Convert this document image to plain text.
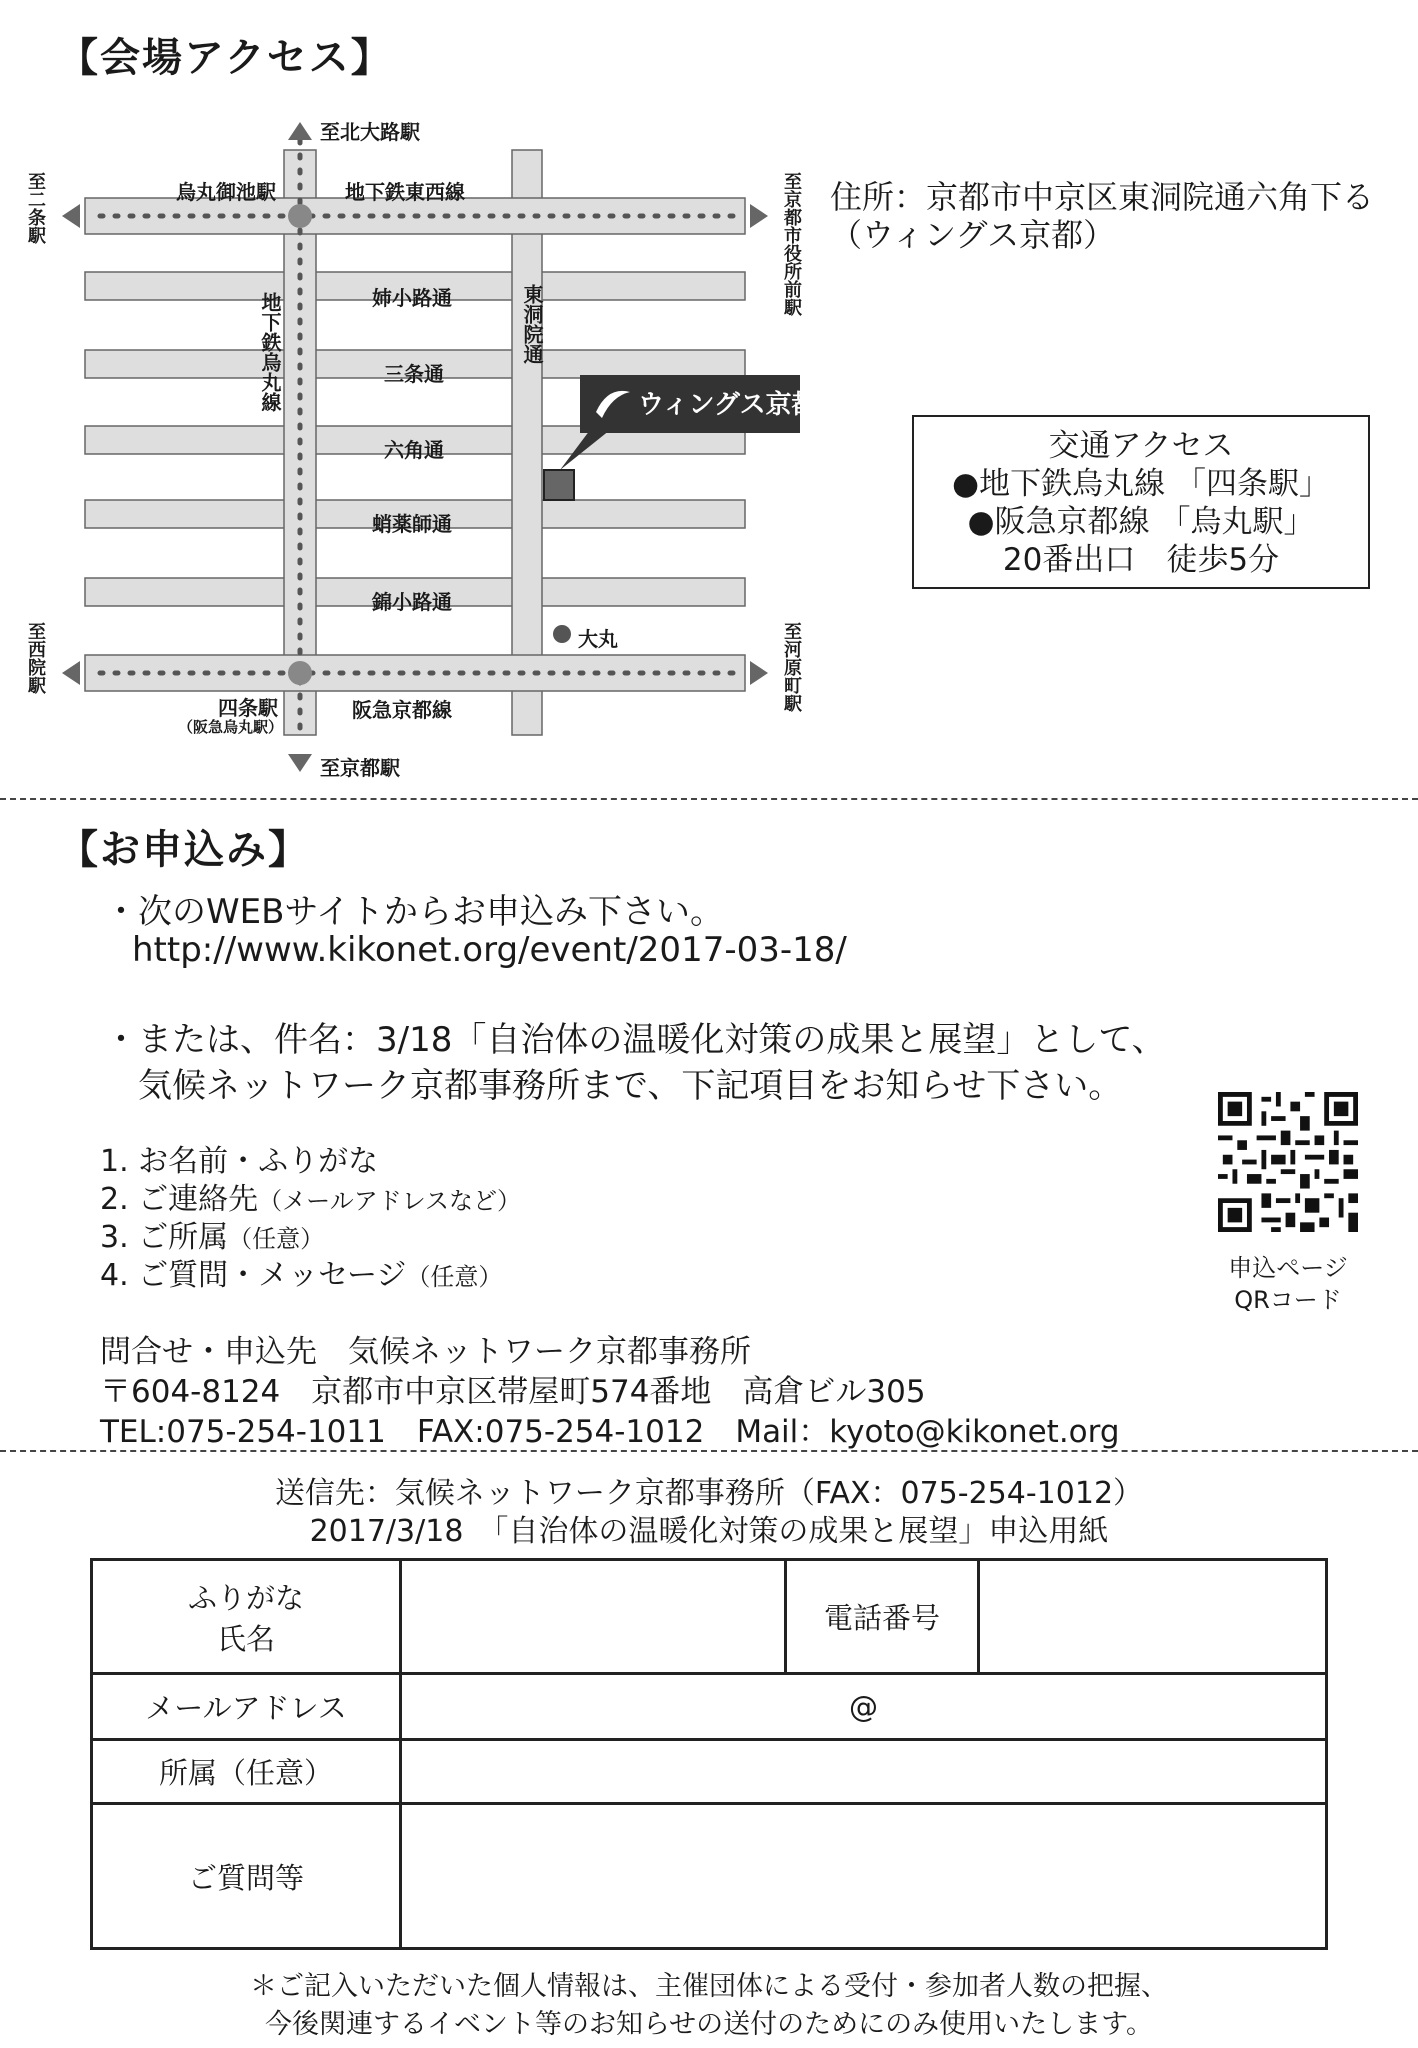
【会場アクセス】
至北大路駅
至京都駅
至二条駅
至西院駅
至京都市役所前駅
至河原町駅
烏丸御池駅	地下鉄東西線
地下鉄烏丸線	東洞院通
姉小路通
三条通
六角通
蛸薬師通
錦小路通
大丸
四条駅
（阪急烏丸駅）
阪急京都線
ウィングス京都
住所：京都市中京区東洞院通六角下る
（ウィングス京都）
交通アクセス
●地下鉄烏丸線 「四条駅」
●阪急京都線 「烏丸駅」
20番出口　徒歩5分
【お申込み】
・次のWEBサイトからお申込み下さい。
http://www.kikonet.org/event/2017-03-18/
・または、件名：3/18「自治体の温暖化対策の成果と展望」として、
気候ネットワーク京都事務所まで、下記項目をお知らせ下さい。
1. お名前・ふりがな
2. ご連絡先（メールアドレスなど）
3. ご所属（任意）
4. ご質問・メッセージ（任意）	申込ページ
QRコード
問合せ・申込先　気候ネットワーク京都事務所
〒604-8124　京都市中京区帯屋町574番地　高倉ビル305
TEL:075-254-1011　FAX:075-254-1012　Mail：kyoto@kikonet.org
送信先：気候ネットワーク京都事務所（FAX：075-254-1012）
2017/3/18　「自治体の温暖化対策の成果と展望」申込用紙
ふりがな
氏名		電話番号	
メールアドレス	@		
所属（任意）			
ご質問等			
＊ご記入いただいた個人情報は、主催団体による受付・参加者人数の把握、
今後関連するイベント等のお知らせの送付のためにのみ使用いたします。
